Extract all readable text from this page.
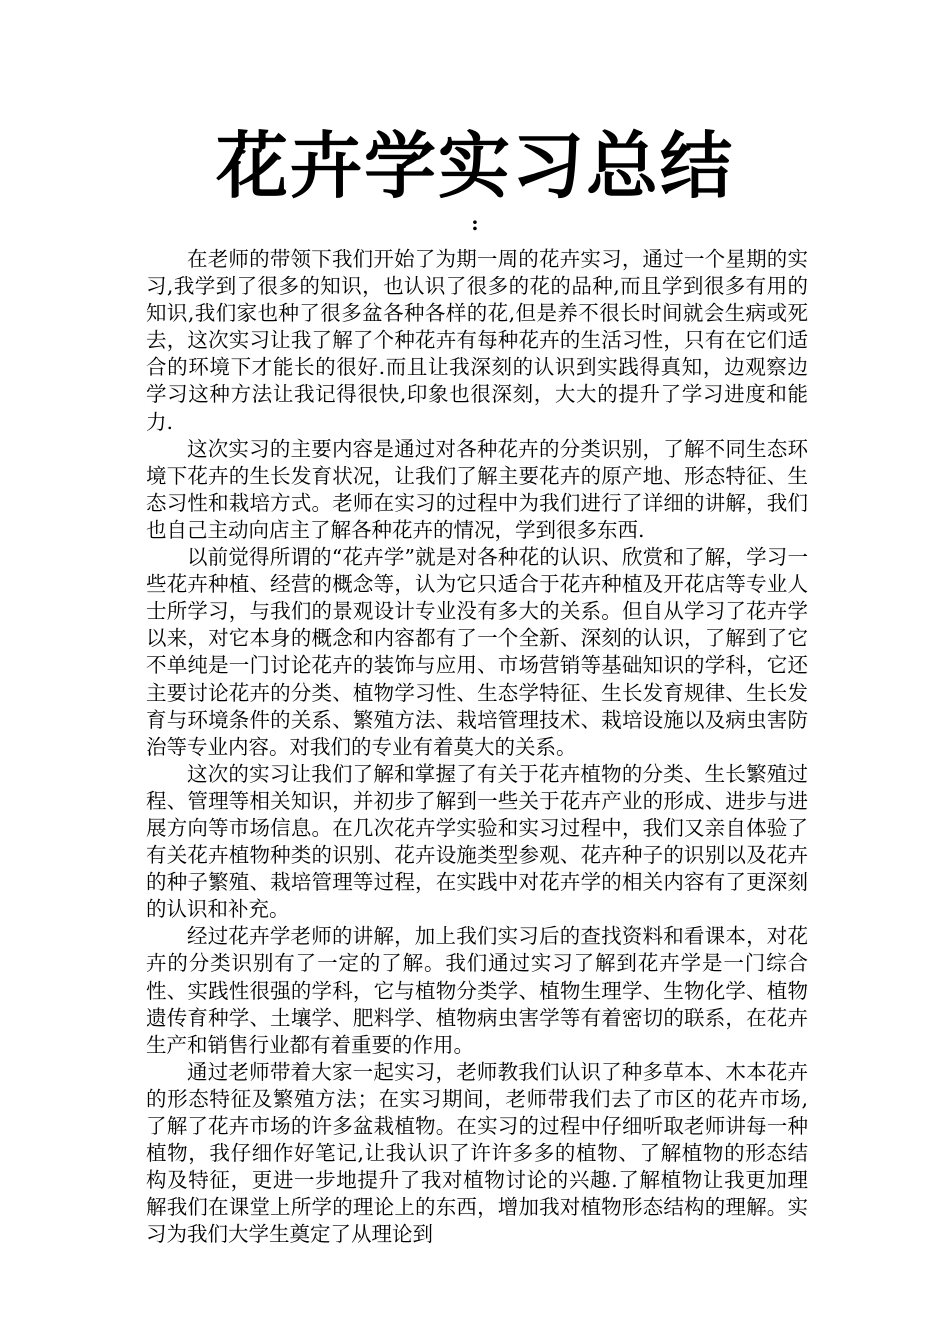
花卉学实习总结
:

在老师的带领下我们开始了为期一周的花卉实习，通过一个星期的实习,我学到了很多的知识，也认识了很多的花的品种,而且学到很多有用的知识,我们家也种了很多盆各种各样的花,但是养不很长时间就会生病或死去，这次实习让我了解了个种花卉有每种花卉的生活习性，只有在它们适合的环境下才能长的很好.而且让我深刻的认识到实践得真知，边观察边学习这种方法让我记得很快,印象也很深刻，大大的提升了学习进度和能力.

这次实习的主要内容是通过对各种花卉的分类识别，了解不同生态环境下花卉的生长发育状况，让我们了解主要花卉的原产地、形态特征、生态习性和栽培方式。老师在实习的过程中为我们进行了详细的讲解，我们也自己主动向店主了解各种花卉的情况，学到很多东西.

以前觉得所谓的“花卉学”就是对各种花的认识、欣赏和了解，学习一些花卉种植、经营的概念等，认为它只适合于花卉种植及开花店等专业人士所学习，与我们的景观设计专业没有多大的关系。但自从学习了花卉学以来，对它本身的概念和内容都有了一个全新、深刻的认识，了解到了它不单纯是一门讨论花卉的装饰与应用、市场营销等基础知识的学科，它还主要讨论花卉的分类、植物学习性、生态学特征、生长发育规律、生长发育与环境条件的关系、繁殖方法、栽培管理技术、栽培设施以及病虫害防治等专业内容。对我们的专业有着莫大的关系。

这次的实习让我们了解和掌握了有关于花卉植物的分类、生长繁殖过程、管理等相关知识，并初步了解到一些关于花卉产业的形成、进步与进展方向等市场信息。在几次花卉学实验和实习过程中，我们又亲自体验了有关花卉植物种类的识别、花卉设施类型参观、花卉种子的识别以及花卉的种子繁殖、栽培管理等过程，在实践中对花卉学的相关内容有了更深刻的认识和补充。

经过花卉学老师的讲解，加上我们实习后的查找资料和看课本，对花卉的分类识别有了一定的了解。我们通过实习了解到花卉学是一门综合性、实践性很强的学科，它与植物分类学、植物生理学、生物化学、植物遗传育种学、土壤学、肥料学、植物病虫害学等有着密切的联系，在花卉生产和销售行业都有着重要的作用。

通过老师带着大家一起实习，老师教我们认识了种多草本、木本花卉的形态特征及繁殖方法；在实习期间，老师带我们去了市区的花卉市场,了解了花卉市场的许多盆栽植物。在实习的过程中仔细听取老师讲每一种植物，我仔细作好笔记,让我认识了许许多多的植物、了解植物的形态结构及特征，更进一步地提升了我对植物讨论的兴趣.了解植物让我更加理解我们在课堂上所学的理论上的东西，增加我对植物形态结构的理解。实习为我们大学生奠定了从理论到
